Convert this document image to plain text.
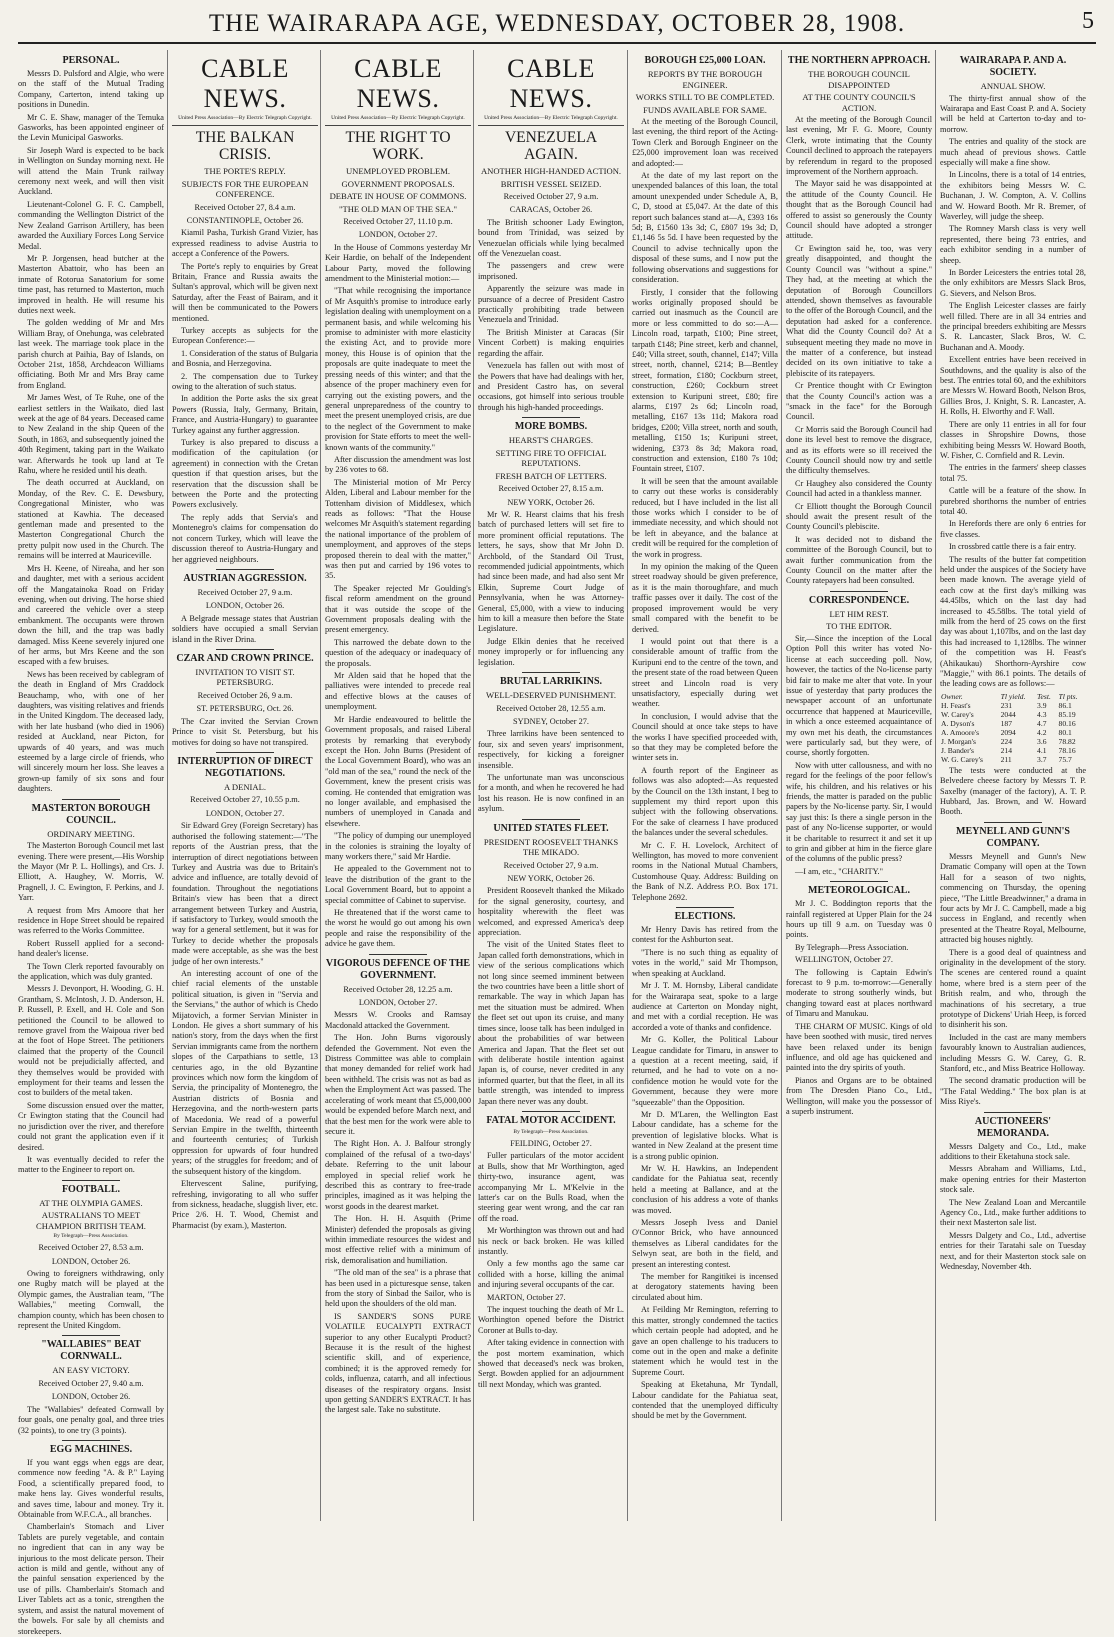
THE WAIRARAPA AGE, WEDNESDAY, OCTOBER 28, 1908.	5
PERSONAL.

Messrs D. Pulsford and Algie, who were on the staff of the Mutual Trading Company, Carterton, intend taking up positions in Dunedin.

Mr C. E. Shaw, manager of the Temuka Gasworks, has been appointed engineer of the Levin Municipal Gasworks.

Sir Joseph Ward is expected to be back in Wellington on Sunday morning next. He will attend the Main Trunk railway ceremony next week, and will then visit Auckland.

Lieutenant-Colonel G. F. C. Campbell, commanding the Wellington District of the New Zealand Garrison Artillery, has been awarded the Auxiliary Forces Long Service Medal.

Mr P. Jorgensen, head butcher at the Masterton Abattoir, who has been an inmate of Rotorua Sanatorium for some time past, has returned to Masterton, much improved in health. He will resume his duties next week.

The golden wedding of Mr and Mrs William Bray, of Onehunga, was celebrated last week. The marriage took place in the parish church at Paihia, Bay of Islands, on October 21st, 1858, Archdeacon Williams officiating. Both Mr and Mrs Bray came from England.

Mr James West, of Te Ruhe, one of the earliest settlers in the Waikato, died last week at the age of 84 years. Deceased came to New Zealand in the ship Queen of the South, in 1863, and subsequently joined the 40th Regiment, taking part in the Waikato war. Afterwards he took up land at Te Rahu, where he resided until his death.

The death occurred at Auckland, on Monday, of the Rev. C. E. Dewsbury, Congregational Minister, who was stationed at Kawhia. The deceased gentleman made and presented to the Masterton Congregational Church the pretty pulpit now used in the Church. The remains will be interred at Mauriceville.

Mrs H. Keene, of Nireaha, and her son and daughter, met with a serious accident off the Mangatainoka Road on Friday evening, when out driving. The horse shied and careered the vehicle over a steep embankment. The occupants were thrown down the hill, and the trap was badly damaged. Miss Keene severely injured one of her arms, but Mrs Keene and the son escaped with a few bruises.

News has been received by cablegram of the death in England of Mrs Craddock Beauchamp, who, with one of her daughters, was visiting relatives and friends in the United Kingdom. The deceased lady, with her late husband (who died in 1906) resided at Auckland, near Picton, for upwards of 40 years, and was much esteemed by a large circle of friends, who will sincerely mourn her loss. She leaves a grown-up family of six sons and four daughters.

MASTERTON BOROUGH COUNCIL.
ORDINARY MEETING.

The Masterton Borough Council met last evening. There were present,—His Worship the Mayor (Mr P. L. Hollings), and Crs. J. Elliott, A. Haughey, W. Morris, W. Pragnell, J. C. Ewington, F. Perkins, and J. Yarr.

A request from Mrs Amoore that her residence in Hope Street should be repaired was referred to the Works Committee.

Robert Russell applied for a second-hand dealer's license.

The Town Clerk reported favourably on the application, which was duly granted.

Messrs J. Devonport, H. Wooding, G. H. Grantham, S. McIntosh, J. D. Anderson, H. P. Russell, P. Exell, and H. Cole and Son petitioned the Council to be allowed to remove gravel from the Waipoua river bed at the foot of Hope Street. The petitioners claimed that the property of the Council would not be prejudicially affected, and they themselves would be provided with employment for their teams and lessen the cost to builders of the metal taken.

Some discussion ensued over the matter, Cr Ewington stating that the Council had no jurisdiction over the river, and therefore could not grant the application even if it desired.

It was eventually decided to refer the matter to the Engineer to report on.

FOOTBALL.
AT THE OLYMPIA GAMES.
AUSTRALIANS TO MEET CHAMPION BRITISH TEAM.
By Telegraph—Press Association.
Received October 27, 8.53 a.m.
LONDON, October 26.

Owing to foreigners withdrawing, only one Rugby match will be played at the Olympic games, the Australian team, "The Wallabies," meeting Cornwall, the champion county, which has been chosen to represent the United Kingdom.

"WALLABIES" BEAT CORNWALL.
AN EASY VICTORY.
Received October 27, 9.40 a.m.
LONDON, October 26.

The "Wallabies" defeated Cornwall by four goals, one penalty goal, and three tries (32 points), to one try (3 points).

EGG MACHINES.

If you want eggs when eggs are dear, commence now feeding "A. & P." Laying Food, a scientifically prepared food, to make hens lay. Gives wonderful results, and saves time, labour and money. Try it. Obtainable from W.F.C.A., all branches.

Chamberlain's Stomach and Liver Tablets are purely vegetable, and contain no ingredient that can in any way be injurious to the most delicate person. Their action is mild and gentle, without any of the painful sensation experienced by the use of pills. Chamberlain's Stomach and Liver Tablets act as a tonic, strengthen the system, and assist the natural movement of the bowels. For sale by all chemists and storekeepers.

CABLE NEWS.
United Press Association—By Electric Telegraph Copyright.
THE BALKAN CRISIS.
THE PORTE'S REPLY.
SUBJECTS FOR THE EUROPEAN CONFERENCE.
Received October 27, 8.4 a.m.
CONSTANTINOPLE, October 26.

Kiamil Pasha, Turkish Grand Vizier, has expressed readiness to advise Austria to accept a Conference of the Powers.

The Porte's reply to enquiries by Great Britain, France and Russia awaits the Sultan's approval, which will be given next Saturday, after the Feast of Bairam, and it will then be communicated to the Powers mentioned.

Turkey accepts as subjects for the European Conference:—

1. Consideration of the status of Bulgaria and Bosnia, and Herzegovina.

2. The compensation due to Turkey owing to the alteration of such status.

In addition the Porte asks the six great Powers (Russia, Italy, Germany, Britain, France, and Austria-Hungary) to guarantee Turkey against any further aggression.

Turkey is also prepared to discuss a modification of the capitulation (or agreement) in connection with the Cretan question if that question arises, but the reservation that the discussion shall be between the Porte and the protecting Powers exclusively.

The reply adds that Servia's and Montenegro's claims for compensation do not concern Turkey, which will leave the discussion thereof to Austria-Hungary and her aggrieved neighbours.

AUSTRIAN AGGRESSION.
Received October 27, 9 a.m.
LONDON, October 26.

A Belgrade message states that Austrian soldiers have occupied a small Servian island in the River Drina.

CZAR AND CROWN PRINCE.
INVITATION TO VISIT ST. PETERSBURG.
Received October 26, 9 a.m.
ST. PETERSBURG, Oct. 26.

The Czar invited the Servian Crown Prince to visit St. Petersburg, but his motives for doing so have not transpired.

INTERRUPTION OF DIRECT NEGOTIATIONS.
A DENIAL.
Received October 27, 10.55 p.m.
LONDON, October 27.

Sir Edward Grey (Foreign Secretary) has authorised the following statement:—"The reports of the Austrian press, that the interruption of direct negotiations between Turkey and Austria was due to Britain's advice and influence, are totally devoid of foundation. Throughout the negotiations Britain's view has been that a direct arrangement between Turkey and Austria, if satisfactory to Turkey, would smooth the way for a general settlement, but it was for Turkey to decide whether the proposals made were acceptable, as she was the best judge of her own interests."

An interesting account of one of the chief racial elements of the unstable political situation, is given in "Servia and the Servians," the author of which is Chedo Mijatovich, a former Servian Minister in London. He gives a short summary of his nation's story, from the days when the first Servian immigrants came from the northern slopes of the Carpathians to settle, 13 centuries ago, in the old Byzantine provinces which now form the kingdom of Servia, the principality of Montenegro, the Austrian districts of Bosnia and Herzegovina, and the north-western parts of Macedonia. We read of a powerful Servian Empire in the twelfth, thirteenth and fourteenth centuries; of Turkish oppression for upwards of four hundred years; of the struggles for freedom; and of the subsequent history of the kingdom.

Eltervescent Saline, purifying, refreshing, invigorating to all who suffer from sickness, headache, sluggish liver, etc. Price 2/6. H. T. Wood, Chemist and Pharmacist (by exam.), Masterton.

CABLE NEWS.
United Press Association—By Electric Telegraph Copyright.
THE RIGHT TO WORK.
UNEMPLOYED PROBLEM.
GOVERNMENT PROPOSALS.
DEBATE IN HOUSE OF COMMONS.
"THE OLD MAN OF THE SEA."
Received October 27, 11.10 p.m.
LONDON, October 27.

In the House of Commons yesterday Mr Keir Hardie, on behalf of the Independent Labour Party, moved the following amendment to the Ministerial motion:—

"That while recognising the importance of Mr Asquith's promise to introduce early legislation dealing with unemployment on a permanent basis, and while welcoming his promise to administer with more elasticity the existing Act, and to provide more money, this House is of opinion that the proposals are quite inadequate to meet the pressing needs of this winter; and that the absence of the proper machinery even for carrying out the existing powers, and the general unpreparedness of the country to meet the present unemployed crisis, are due to the neglect of the Government to make provision for State efforts to meet the well-known wants of the community."

After discussion the amendment was lost by 236 votes to 68.

The Ministerial motion of Mr Percy Alden, Liberal and Labour member for the Tottenham division of Middlesex, which reads as follows: "That the House welcomes Mr Asquith's statement regarding the national importance of the problem of unemployment, and approves of the steps proposed therein to deal with the matter," was then put and carried by 196 votes to 35.

The Speaker rejected Mr Goulding's fiscal reform amendment on the ground that it was outside the scope of the Government proposals dealing with the present emergency.

This narrowed the debate down to the question of the adequacy or inadequacy of the proposals.

Mr Alden said that he hoped that the palliatives were intended to precede real and effective blows at the causes of unemployment.

Mr Hardie endeavoured to belittle the Government proposals, and raised Liberal protests by remarking that everybody except the Hon. John Burns (President of the Local Government Board), who was an "old man of the sea," round the neck of the Government, knew the present crisis was coming. He contended that emigration was no longer available, and emphasised the numbers of unemployed in Canada and elsewhere.

"The policy of dumping our unemployed in the colonies is straining the loyalty of many workers there," said Mr Hardie.

He appealed to the Government not to leave the distribution of the grant to the Local Government Board, but to appoint a special committee of Cabinet to supervise.

He threatened that if the worst came to the worst he would go out among his own people and raise the responsibility of the advice he gave them.

VIGOROUS DEFENCE OF THE GOVERNMENT.
Received October 28, 12.25 a.m.
LONDON, October 27.

Messrs W. Crooks and Ramsay Macdonald attacked the Government.

The Hon. John Burns vigorously defended the Government. Not even the Distress Committee was able to complain that money demanded for relief work had been withheld. The crisis was not as bad as when the Employment Act was passed. The accelerating of work meant that £5,000,000 would be expended before March next, and that the best men for the work were able to secure it.

The Right Hon. A. J. Balfour strongly complained of the refusal of a two-days' debate. Referring to the unit labour employed in special relief work he described this as contrary to free-trade principles, imagined as it was helping the worst goods in the dearest market.

The Hon. H. H. Asquith (Prime Minister) defended the proposals as giving within immediate resources the widest and most effective relief with a minimum of risk, demoralisation and humiliation.

"The old man of the sea" is a phrase that has been used in a picturesque sense, taken from the story of Sinbad the Sailor, who is held upon the shoulders of the old man.

IS SANDER'S SONS PURE VOLATILE EUCALYPTI EXTRACT superior to any other Eucalypti Product? Because it is the result of the highest scientific skill, and of experience, combined; it is the approved remedy for colds, influenza, catarrh, and all infectious diseases of the respiratory organs. Insist upon getting SANDER'S EXTRACT. It has the largest sale. Take no substitute.

CABLE NEWS.
United Press Association—By Electric Telegraph Copyright.
VENEZUELA AGAIN.
ANOTHER HIGH-HANDED ACTION.
BRITISH VESSEL SEIZED.
Received October 27, 9 a.m.
CARACAS, October 26.

The British schooner Lady Ewington, bound from Trinidad, was seized by Venezuelan officials while lying becalmed off the Venezuelan coast.

The passengers and crew were imprisoned.

Apparently the seizure was made in pursuance of a decree of President Castro practically prohibiting trade between Venezuela and Trinidad.

The British Minister at Caracas (Sir Vincent Corbett) is making enquiries regarding the affair.

Venezuela has fallen out with most of the Powers that have had dealings with her, and President Castro has, on several occasions, got himself into serious trouble through his high-handed proceedings.

MORE BOMBS.
HEARST'S CHARGES.
SETTING FIRE TO OFFICIAL REPUTATIONS.
FRESH BATCH OF LETTERS.
Received October 27, 8.15 a.m.
NEW YORK, October 26.

Mr W. R. Hearst claims that his fresh batch of purchased letters will set fire to more prominent official reputations. The letters, he says, show that Mr John D. Archbold, of the Standard Oil Trust, recommended judicial appointments, which had since been made, and had also sent Mr Elkin, Supreme Court Judge of Pennsylvania, when he was Attorney-General, £5,000, with a view to inducing him to kill a measure then before the State Legislature.

Judge Elkin denies that he received money improperly or for influencing any legislation.

BRUTAL LARRIKINS.
WELL-DESERVED PUNISHMENT.
Received October 28, 12.55 a.m.
SYDNEY, October 27.

Three larrikins have been sentenced to four, six and seven years' imprisonment, respectively, for kicking a foreigner insensible.

The unfortunate man was unconscious for a month, and when he recovered he had lost his reason. He is now confined in an asylum.

UNITED STATES FLEET.
PRESIDENT ROOSEVELT THANKS THE MIKADO.
Received October 27, 9 a.m.
NEW YORK, October 26.

President Roosevelt thanked the Mikado for the signal generosity, courtesy, and hospitality wherewith the fleet was welcomed, and expressed America's deep appreciation.

The visit of the United States fleet to Japan called forth demonstrations, which in view of the serious complications which not long since seemed imminent between the two countries have been a little short of remarkable. The way in which Japan has met the situation must be admired. When the fleet set out upon its cruise, and many times since, loose talk has been indulged in about the probabilities of war between America and Japan. That the fleet set out with deliberate hostile intention against Japan is, of course, never credited in any informed quarter, but that the fleet, in all its battle strength, was intended to impress Japan there never was any doubt.

FATAL MOTOR ACCIDENT.
By Telegraph—Press Association.
FEILDING, October 27.

Fuller particulars of the motor accident at Bulls, show that Mr Worthington, aged thirty-two, insurance agent, was accompanying Mr L. M'Kelvie in the latter's car on the Bulls Road, when the steering gear went wrong, and the car ran off the road.

Mr Worthington was thrown out and had his neck or back broken. He was killed instantly.

Only a few months ago the same car collided with a horse, killing the animal and injuring several occupants of the car.

MARTON, October 27.

The inquest touching the death of Mr L. Worthington opened before the District Coroner at Bulls to-day.

After taking evidence in connection with the post mortem examination, which showed that deceased's neck was broken, Sergt. Bowden applied for an adjournment till next Monday, which was granted.

BOROUGH £25,000 LOAN.
REPORTS BY THE BOROUGH ENGINEER.
WORKS STILL TO BE COMPLETED.
FUNDS AVAILABLE FOR SAME.

At the meeting of the Borough Council, last evening, the third report of the Acting-Town Clerk and Borough Engineer on the £25,000 improvement loan was received and adopted:—

At the date of my last report on the unexpended balances of this loan, the total amount unexpended under Schedule A, B, C, D, stood at £5,047. At the date of this report such balances stand at—A, £393 16s 5d; B, £1560 13s 3d; C, £807 19s 3d; D, £1,146 5s 5d. I have been requested by the Council to advise technically upon the disposal of these sums, and I now put the following observations and suggestions for consideration.

Firstly, I consider that the following works originally proposed should be carried out inasmuch as the Council are more or less committed to do so:—A—Lincoln road, tarpath, £100; Pine street, tarpath £148; Pine street, kerb and channel, £40; Villa street, south, channel, £147; Villa street, north, channel, £214; B—Bentley street, formation, £180; Cockburn street, construction, £260; Cockburn street extension to Kuripuni street, £80; fire alarms, £197 2s 6d; Lincoln road, metalling, £167 13s 11d; Makora road bridges, £200; Villa street, north and south, metalling, £150 1s; Kuripuni street, widening, £373 8s 3d; Makora road, construction and extension, £180 7s 10d; Fountain street, £107.

It will be seen that the amount available to carry out these works is considerably reduced, but I have included in the list all those works which I consider to be of immediate necessity, and which should not be left in abeyance, and the balance at credit will be required for the completion of the work in progress.

In my opinion the making of the Queen street roadway should be given preference, as it is the main thoroughfare, and much traffic passes over it daily. The cost of the proposed improvement would be very small compared with the benefit to be derived.

I would point out that there is a considerable amount of traffic from the Kuripuni end to the centre of the town, and the present state of the road between Queen street and Lincoln road is very unsatisfactory, especially during wet weather.

In conclusion, I would advise that the Council should at once take steps to have the works I have specified proceeded with, so that they may be completed before the winter sets in.

A fourth report of the Engineer as follows was also adopted:—As requested by the Council on the 13th instant, I beg to supplement my third report upon this subject with the following observations. For the sake of clearness I have produced the balances under the several schedules.

Mr C. F. H. Lovelock, Architect of Wellington, has moved to more convenient rooms in the National Mutual Chambers, Customhouse Quay. Address: Building on the Bank of N.Z. Address P.O. Box 171. Telephone 2692.

ELECTIONS.

Mr Henry Davis has retired from the contest for the Ashburton seat.

"There is no such thing as equality of votes in the world," said Mr Thompson, when speaking at Auckland.

Mr J. T. M. Hornsby, Liberal candidate for the Wairarapa seat, spoke to a large audience at Carterton on Monday night, and met with a cordial reception. He was accorded a vote of thanks and confidence.

Mr G. Koller, the Political Labour League candidate for Timaru, in answer to a question at a recent meeting, said, if returned, and he had to vote on a no-confidence motion he would vote for the Government, because they were more "squeezable" than the Opposition.

Mr D. M'Laren, the Wellington East Labour candidate, has a scheme for the prevention of legislative blocks. What is wanted in New Zealand at the present time is a strong public opinion.

Mr W. H. Hawkins, an Independent candidate for the Pahiatua seat, recently held a meeting at Ballance, and at the conclusion of his address a vote of thanks was moved.

Messrs Joseph Ivess and Daniel O'Connor Brick, who have announced themselves as Liberal candidates for the Selwyn seat, are both in the field, and present an interesting contest.

The member for Rangitikei is incensed at derogatory statements having been circulated about him.

At Feilding Mr Remington, referring to this matter, strongly condemned the tactics which certain people had adopted, and he gave an open challenge to his traducers to come out in the open and make a definite statement which he would test in the Supreme Court.

Speaking at Eketahuna, Mr Tyndall, Labour candidate for the Pahiatua seat, contended that the unemployed difficulty should be met by the Government.

THE NORTHERN APPROACH.
THE BOROUGH COUNCIL DISAPPOINTED
AT THE COUNTY COUNCIL'S ACTION.

At the meeting of the Borough Council last evening, Mr F. G. Moore, County Clerk, wrote intimating that the County Council declined to approach the ratepayers by referendum in regard to the proposed improvement of the Northern approach.

The Mayor said he was disappointed at the attitude of the County Council. He thought that as the Borough Council had offered to assist so generously the County Council should have adopted a stronger attitude.

Cr Ewington said he, too, was very greatly disappointed, and thought the County Council was "without a spine." They had, at the meeting at which the deputation of Borough Councillors attended, shown themselves as favourable to the offer of the Borough Council, and the deputation had asked for a conference. What did the County Council do? At a subsequent meeting they made no move in the matter of a conference, but instead decided on its own initiative to take a plebiscite of its ratepayers.

Cr Prentice thought with Cr Ewington that the County Council's action was a "smack in the face" for the Borough Council.

Cr Morris said the Borough Council had done its level best to remove the disgrace, and as its efforts were so ill received the County Council should now try and settle the difficulty themselves.

Cr Haughey also considered the County Council had acted in a thankless manner.

Cr Elliott thought the Borough Council should await the present result of the County Council's plebiscite.

It was decided not to disband the committee of the Borough Council, but to await further communication from the County Council on the matter after the County ratepayers had been consulted.

CORRESPONDENCE.
LET HIM REST.
TO THE EDITOR.

Sir,—Since the inception of the Local Option Poll this writer has voted No-license at each succeeding poll. Now, however, the tactics of the No-license party bid fair to make me alter that vote. In your issue of yesterday that party produces the newspaper account of an unfortunate occurrence that happened at Mauriceville, in which a once esteemed acquaintance of my own met his death, the circumstances were particularly sad, but they were, of course, shortly forgotten.

Now with utter callousness, and with no regard for the feelings of the poor fellow's wife, his children, and his relatives or his friends, the matter is paraded on the public papers by the No-license party. Sir, I would say just this: Is there a single person in the past of any No-license supporter, or would it be charitable to resurrect it and set it up to grin and gibber at him in the fierce glare of the columns of the public press?

—I am, etc., "CHARITY."

METEOROLOGICAL.

Mr J. C. Boddington reports that the rainfall registered at Upper Plain for the 24 hours up till 9 a.m. on Tuesday was 0 points.

By Telegraph—Press Association.

WELLINGTON, October 27.

The following is Captain Edwin's forecast to 9 p.m. to-morrow:—Generally moderate to strong southerly winds, but changing toward east at places northward of Timaru and Manukau.

THE CHARM OF MUSIC. Kings of old have been soothed with music, tired nerves have been relaxed under its benign influence, and old age has quickened and painted into the dry spirits of youth.

Pianos and Organs are to be obtained from The Dresden Piano Co., Ltd., Wellington, will make you the possessor of a superb instrument.

WAIRARAPA P. AND A. SOCIETY.
ANNUAL SHOW.

The thirty-first annual show of the Wairarapa and East Coast P. and A. Society will be held at Carterton to-day and to-morrow.

The entries and quality of the stock are much ahead of previous shows. Cattle especially will make a fine show.

In Lincolns, there is a total of 14 entries, the exhibitors being Messrs W. C. Buchanan, J. W. Compton, A. V. Collins and W. Howard Booth. Mr R. Bremer, of Waverley, will judge the sheep.

The Romney Marsh class is very well represented, there being 73 entries, and each exhibitor sending in a number of sheep.

In Border Leicesters the entries total 28, the only exhibitors are Messrs Slack Bros, G. Sievers, and Nelson Bros.

The English Leicester classes are fairly well filled. There are in all 34 entries and the principal breeders exhibiting are Messrs S. R. Lancaster, Slack Bros, W. C. Buchanan and A. Moody.

Excellent entries have been received in Southdowns, and the quality is also of the best. The entries total 60, and the exhibitors are Messrs W. Howard Booth, Nelson Bros, Gillies Bros, J. Knight, S. R. Lancaster, A. H. Rolls, H. Elworthy and F. Wall.

There are only 11 entries in all for four classes in Shropshire Downs, those exhibiting being Messrs W. Howard Booth, W. Fisher, C. Cornfield and R. Levin.

The entries in the farmers' sheep classes total 75.

Cattle will be a feature of the show. In purebred shorthorns the number of entries total 40.

In Herefords there are only 6 entries for five classes.

In crossbred cattle there is a fair entry.

The results of the butter fat competition held under the auspices of the Society have been made known. The average yield of each cow at the first day's milking was 44.45lbs, which on the last day had increased to 45.58lbs. The total yield of milk from the herd of 25 cows on the first day was about 1,107lbs, and on the last day this had increased to 1,128lbs. The winner of the competition was H. Feast's (Ahikaukau) Shorthorn-Ayrshire cow "Maggie," with 86.1 points. The details of the leading cows are as follows:—

Owner.	Tl yield.	Test.	Tl pts.
H. Feast's	231	3.9	86.1
W. Carey's	2044	4.3	85.19
A. Dyson's	187	4.7	80.16
A. Amoore's	2094	4.2	80.1
J. Morgan's	224	3.6	78.82
J. Bander's	214	4.1	78.16
W. G. Carey's	211	3.7	75.7

The tests were conducted at the Belvedere cheese factory by Messrs T. P. Saxelby (manager of the factory), A. T. P. Hubbard, Jas. Brown, and W. Howard Booth.

MEYNELL AND GUNN'S COMPANY.

Messrs Meynell and Gunn's New Dramatic Company will open at the Town Hall for a season of two nights, commencing on Thursday, the opening piece, "The Little Breadwinner," a drama in four acts by Mr J. C. Campbell, made a big success in England, and recently when presented at the Theatre Royal, Melbourne, attracted big houses nightly.

There is a good deal of quaintness and originality in the development of the story. The scenes are centered round a quaint home, where bred is a stern peer of the British realm, and who, through the machinations of his secretary, a true prototype of Dickens' Uriah Heep, is forced to disinherit his son.

Included in the cast are many members favourably known to Australian audiences, including Messrs G. W. Carey, G. R. Stanford, etc., and Miss Beatrice Holloway.

The second dramatic production will be "The Fatal Wedding." The box plan is at Miss Riye's.

AUCTIONEERS' MEMORANDA.

Messrs Dalgety and Co., Ltd., make additions to their Eketahuna stock sale.

Messrs Abraham and Williams, Ltd., make opening entries for their Masterton stock sale.

The New Zealand Loan and Mercantile Agency Co., Ltd., make further additions to their next Masterton sale list.

Messrs Dalgety and Co., Ltd., advertise entries for their Taratahi sale on Tuesday next, and for their Masterton stock sale on Wednesday, November 4th.
